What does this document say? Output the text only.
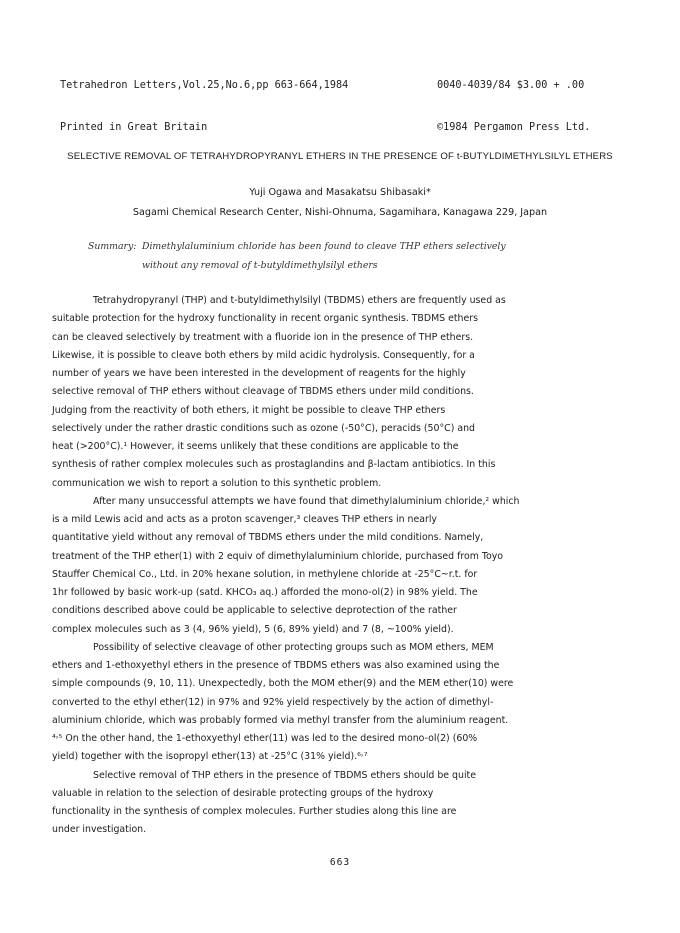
Tetrahedron Letters,Vol.25,No.6,pp 663-664,1984

Printed in Great Britain

0040-4039/84 $3.00 + .00

©1984 Pergamon Press Ltd.

SELECTIVE REMOVAL OF TETRAHYDROPYRANYL ETHERS IN THE PRESENCE OF t-BUTYLDIMETHYLSILYL ETHERS
Yuji Ogawa and Masakatsu Shibasaki*
Sagami Chemical Research Center, Nishi-Ohnuma, Sagamihara, Kanagawa 229, Japan
Summary: Dimethylaluminium chloride has been found to cleave THP ethers selectively
without any removal of t-butyldimethylsilyl ethers
Tetrahydropyranyl (THP) and t-butyldimethylsilyl (TBDMS) ethers are frequently used as
suitable protection for the hydroxy functionality in recent organic synthesis. TBDMS ethers
can be cleaved selectively by treatment with a fluoride ion in the presence of THP ethers.
Likewise, it is possible to cleave both ethers by mild acidic hydrolysis. Consequently, for a
number of years we have been interested in the development of reagents for the highly
selective removal of THP ethers without cleavage of TBDMS ethers under mild conditions.
Judging from the reactivity of both ethers, it might be possible to cleave THP ethers
selectively under the rather drastic conditions such as ozone (-50°C), peracids (50°C) and
heat (>200°C).¹ However, it seems unlikely that these conditions are applicable to the
synthesis of rather complex molecules such as prostaglandins and β-lactam antibiotics. In this
communication we wish to report a solution to this synthetic problem.
After many unsuccessful attempts we have found that dimethylaluminium chloride,² which
is a mild Lewis acid and acts as a proton scavenger,³ cleaves THP ethers in nearly
quantitative yield without any removal of TBDMS ethers under the mild conditions. Namely,
treatment of the THP ether(1) with 2 equiv of dimethylaluminium chloride, purchased from Toyo
Stauffer Chemical Co., Ltd. in 20% hexane solution, in methylene chloride at -25°C~r.t. for
1hr followed by basic work-up (satd. KHCO₃ aq.) afforded the mono-ol(2) in 98% yield. The
conditions described above could be applicable to selective deprotection of the rather
complex molecules such as 3 (4, 96% yield), 5 (6, 89% yield) and 7 (8, ~100% yield).
Possibility of selective cleavage of other protecting groups such as MOM ethers, MEM
ethers and 1-ethoxyethyl ethers in the presence of TBDMS ethers was also examined using the
simple compounds (9, 10, 11). Unexpectedly, both the MOM ether(9) and the MEM ether(10) were
converted to the ethyl ether(12) in 97% and 92% yield respectively by the action of dimethyl-
aluminium chloride, which was probably formed via methyl transfer from the aluminium reagent.
⁴˒⁵ On the other hand, the 1-ethoxyethyl ether(11) was led to the desired mono-ol(2) (60%
yield) together with the isopropyl ether(13) at -25°C (31% yield).⁶˒⁷
Selective removal of THP ethers in the presence of TBDMS ethers should be quite
valuable in relation to the selection of desirable protecting groups of the hydroxy
functionality in the synthesis of complex molecules. Further studies along this line are
under investigation.
663
